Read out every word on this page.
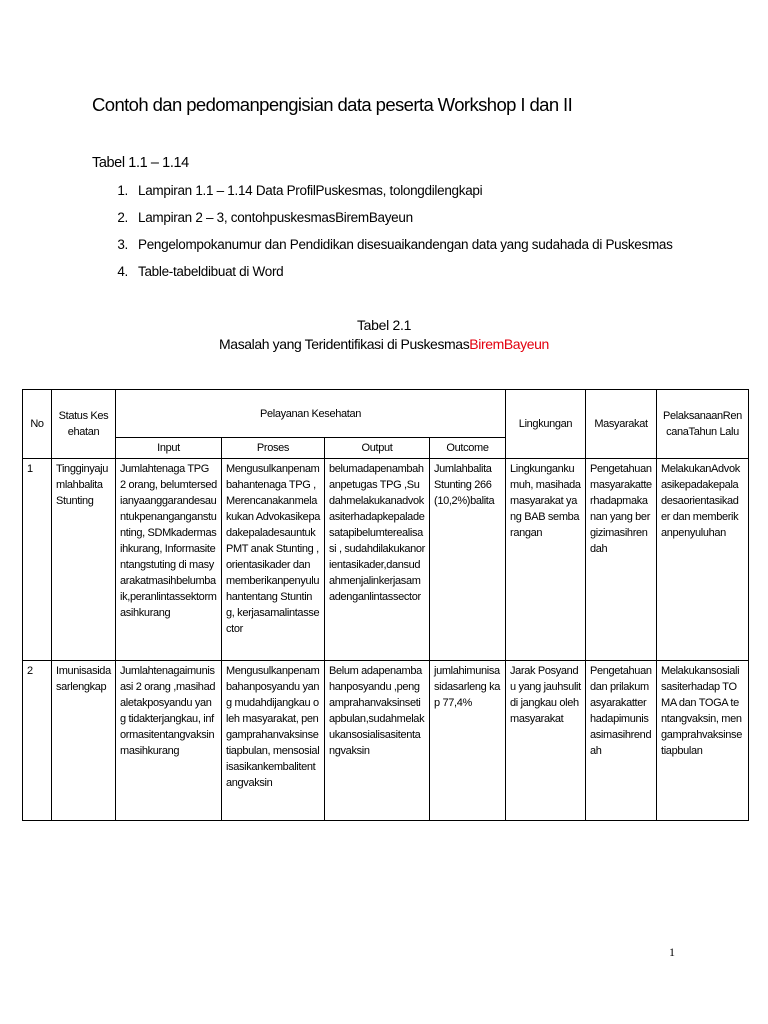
Contoh dan pedomanpengisian data peserta Workshop I dan II
Tabel 1.1 – 1.14
1. Lampiran 1.1 – 1.14 Data ProfilPuskesmas, tolongdilengkapi
2. Lampiran 2 – 3, contohpuskesmasBiremBayeun
3. Pengelompokanumur dan Pendidikan disesuaikandengan data yang sudahada di Puskesmas
4. Table-tabeldibuat di Word
Tabel 2.1
Masalah yang Teridentifikasi di PuskesmasBiremBayeun
No	Status Kesehatan	Pelayanan Kesehatan				Lingkungan	Masyarakat	PelaksanaanRencanaTahun Lalu
		Input	Proses	Output	Outcome			
1	Tingginyajumlahbalita Stunting	Jumlahtenaga TPG 2 orang, belumtersedianyaanggarandesauntukpenanganganstunting, SDMkadermasihkurang, Informasitentangstuting di masyarakatmasihbelumbaik,peranlintassektormasihkurang	Mengusulkanpenambahantenaga TPG ,Merencanakanmelakukan Advokasikepadakepaladesauntuk PMT anak Stunting , orientasikader dan memberikanpenyuluhantentang Stunting, kerjasamalintassector	belumadapenambahanpetugas TPG ,Sudahmelakukanadvokasiterhadapkepaladesatapibelumterealisasi , sudahdilakukanorientasikader,dansudahmenjalinkerjasamadenganlintassector	Jumlahbalita Stunting 266 (10,2%)balita	Lingkungankumuh, masihadamasyarakat yang BAB sembarangan	Pengetahuanmasyarakatterhadapmakanan yang bergizimasihrendah	MelakukanAdvokasikepadakepaladesaorientasikader dan memberikanpenyuluhan
2	Imunisasidasarlengkap	Jumlahtenagaimunisasi 2 orang ,masihadaletakposyandu yang tidakterjangkau, informasitentangvaksinmasihkurang	Mengusulkanpenambahanposyandu yang mudahdijangkau oleh masyarakat, pengamprahanvaksinsetiapbulan, mensosialisasikankembalitentangvaksin	Belum adapenambahanposyandu ,pengamprahanvaksinsetiapbulan,sudahmelakukansosialisasitentangvaksin	jumlahimunisasidasarleng kap 77,4%	Jarak Posyandu yang jauhsulit di jangkau oleh masyarakat	Pengetahuan dan prilakumasyarakatterhadapimunisasimasihrendah	Melakukansosialisasiterhadap TOMA dan TOGA tentangvaksin, mengamprahvaksinsetiapbulan
1
